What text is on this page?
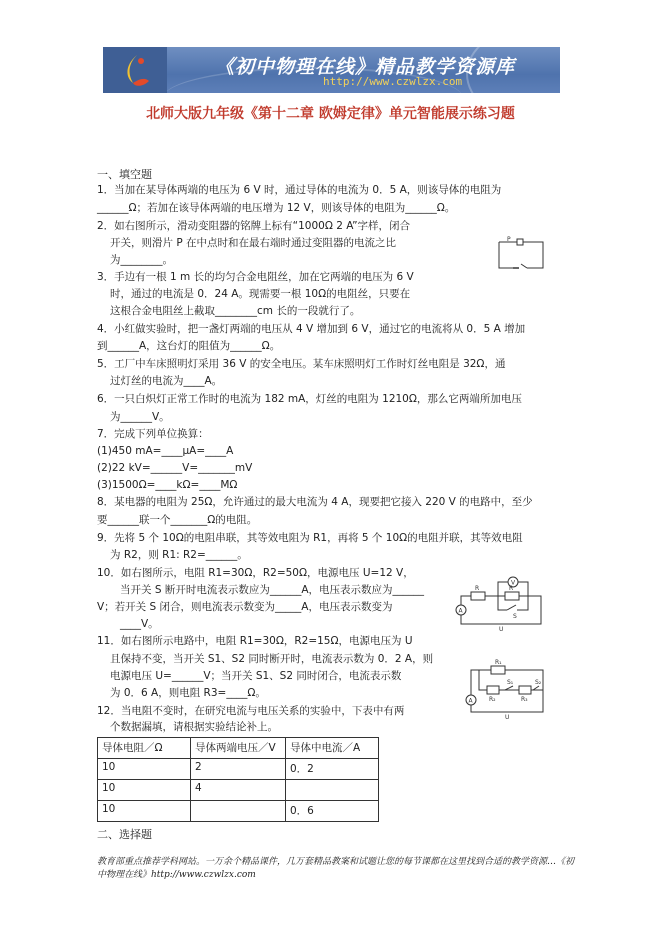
《初中物理在线》精品教学资源库
http://www.czwlzx.com
北师大版九年级《第十二章 欧姆定律》单元智能展示练习题
一、填空题
1．当加在某导体两端的电压为 6 V 时，通过导体的电流为 0．5 A，则该导体的电阻为
______Ω；若加在该导体两端的电压增为 12 V，则该导体的电阻为______Ω。
2．如右图所示，滑动变阻器的铭牌上标有“1000Ω 2 A”字样，闭合
开关，则滑片 P 在中点时和在最右端时通过变阻器的电流之比
为________。
3．手边有一根 1 m 长的均匀合金电阻丝，加在它两端的电压为 6 V
时，通过的电流是 0．24 A。现需要一根 10Ω的电阻丝，只要在
这根合金电阻丝上截取________cm 长的一段就行了。
4．小红做实验时，把一盏灯两端的电压从 4 V 增加到 6 V，通过它的电流将从 0．5 A 增加
到______A，这台灯的阻值为______Ω。
5．工厂中车床照明灯采用 36 V 的安全电压。某车床照明灯工作时灯丝电阻是 32Ω，通
过灯丝的电流为____A。
6．一只白炽灯正常工作时的电流为 182 mA，灯丝的电阻为 1210Ω，那么它两端所加电压
为______V。
7．完成下列单位换算：
(1)450 mA=____μA=____A
(2)22 kV=______V=_______mV
(3)1500Ω=____kΩ=____MΩ
8．某电器的电阻为 25Ω，允许通过的最大电流为 4 A，现要把它接入 220 V 的电路中，至少
要______联一个_______Ω的电阻。
9．先将 5 个 10Ω的电阻串联，其等效电阻为 R1，再将 5 个 10Ω的电阻并联，其等效电阻
为 R2，则 R1: R2=______。
10．如右图所示，电阻 R1=30Ω，R2=50Ω，电源电压 U=12 V，
当开关 S 断开时电流表示数应为______A，电压表示数应为______
V；若开关 S 闭合，则电流表示数变为_____A，电压表示数变为
____V。
11．如右图所示电路中，电阻 R1=30Ω，R2=15Ω，电源电压为 U
且保持不变，当开关 S1、S2 同时断开时，电流表示数为 0．2 A，则
电源电压 U=______V；当开关 S1、S2 同时闭合，电流表示数
为 0．6 A，则电阻 R3=____Ω。
12．当电阻不变时，在研究电流与电压关系的实验中，下表中有两
个数据漏填，请根据实验结论补上。
P
A
V
R	R
S
U
A
R₁
R₂	R₃
S₁	S₂
U
导体电阻／Ω	导体两端电压／V	导体中电流／A
10	2	0．2
10	4	
10		0．6
二、选择题
教育部重点推荐学科网站。一万余个精品课件，几万套精品教案和试题让您的每节课都在这里找到合适的教学资源…《初中物理在线》http://www.czwlzx.com
